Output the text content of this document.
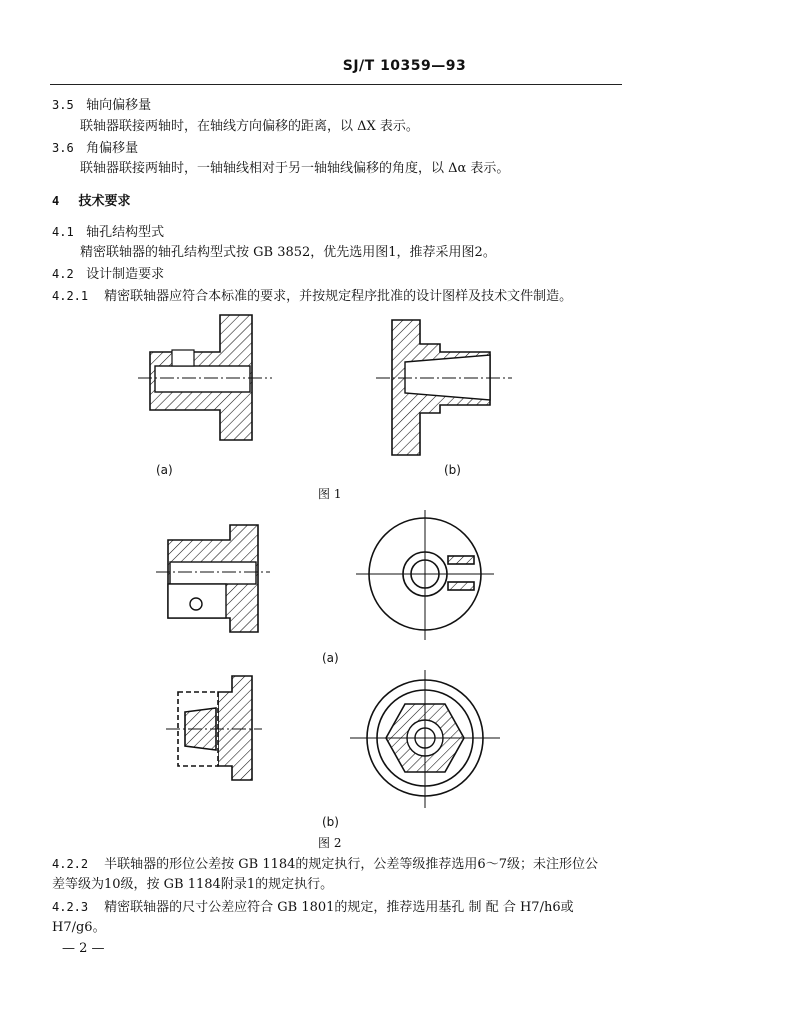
SJ/T 10359—93
3.5 轴向偏移量
联轴器联接两轴时，在轴线方向偏移的距离，以 ΔX 表示。
3.6 角偏移量
联轴器联接两轴时，一轴轴线相对于另一轴轴线偏移的角度，以 Δα 表示。
4 技术要求
4.1 轴孔结构型式
精密联轴器的轴孔结构型式按 GB 3852，优先选用图1，推荐采用图2。
4.2 设计制造要求
4.2.1 精密联轴器应符合本标准的要求，并按规定程序批准的设计图样及技术文件制造。
(a)	(b)
图 1
(a)
(b)
图 2
4.2.2 半联轴器的形位公差按 GB 1184的规定执行，公差等级推荐选用6～7级；未注形位公
差等级为10级，按 GB 1184附录1的规定执行。
4.2.3 精密联轴器的尺寸公差应符合 GB 1801的规定，推荐选用基孔 制 配 合 H7/h6或
H7/g6。
— 2 —
